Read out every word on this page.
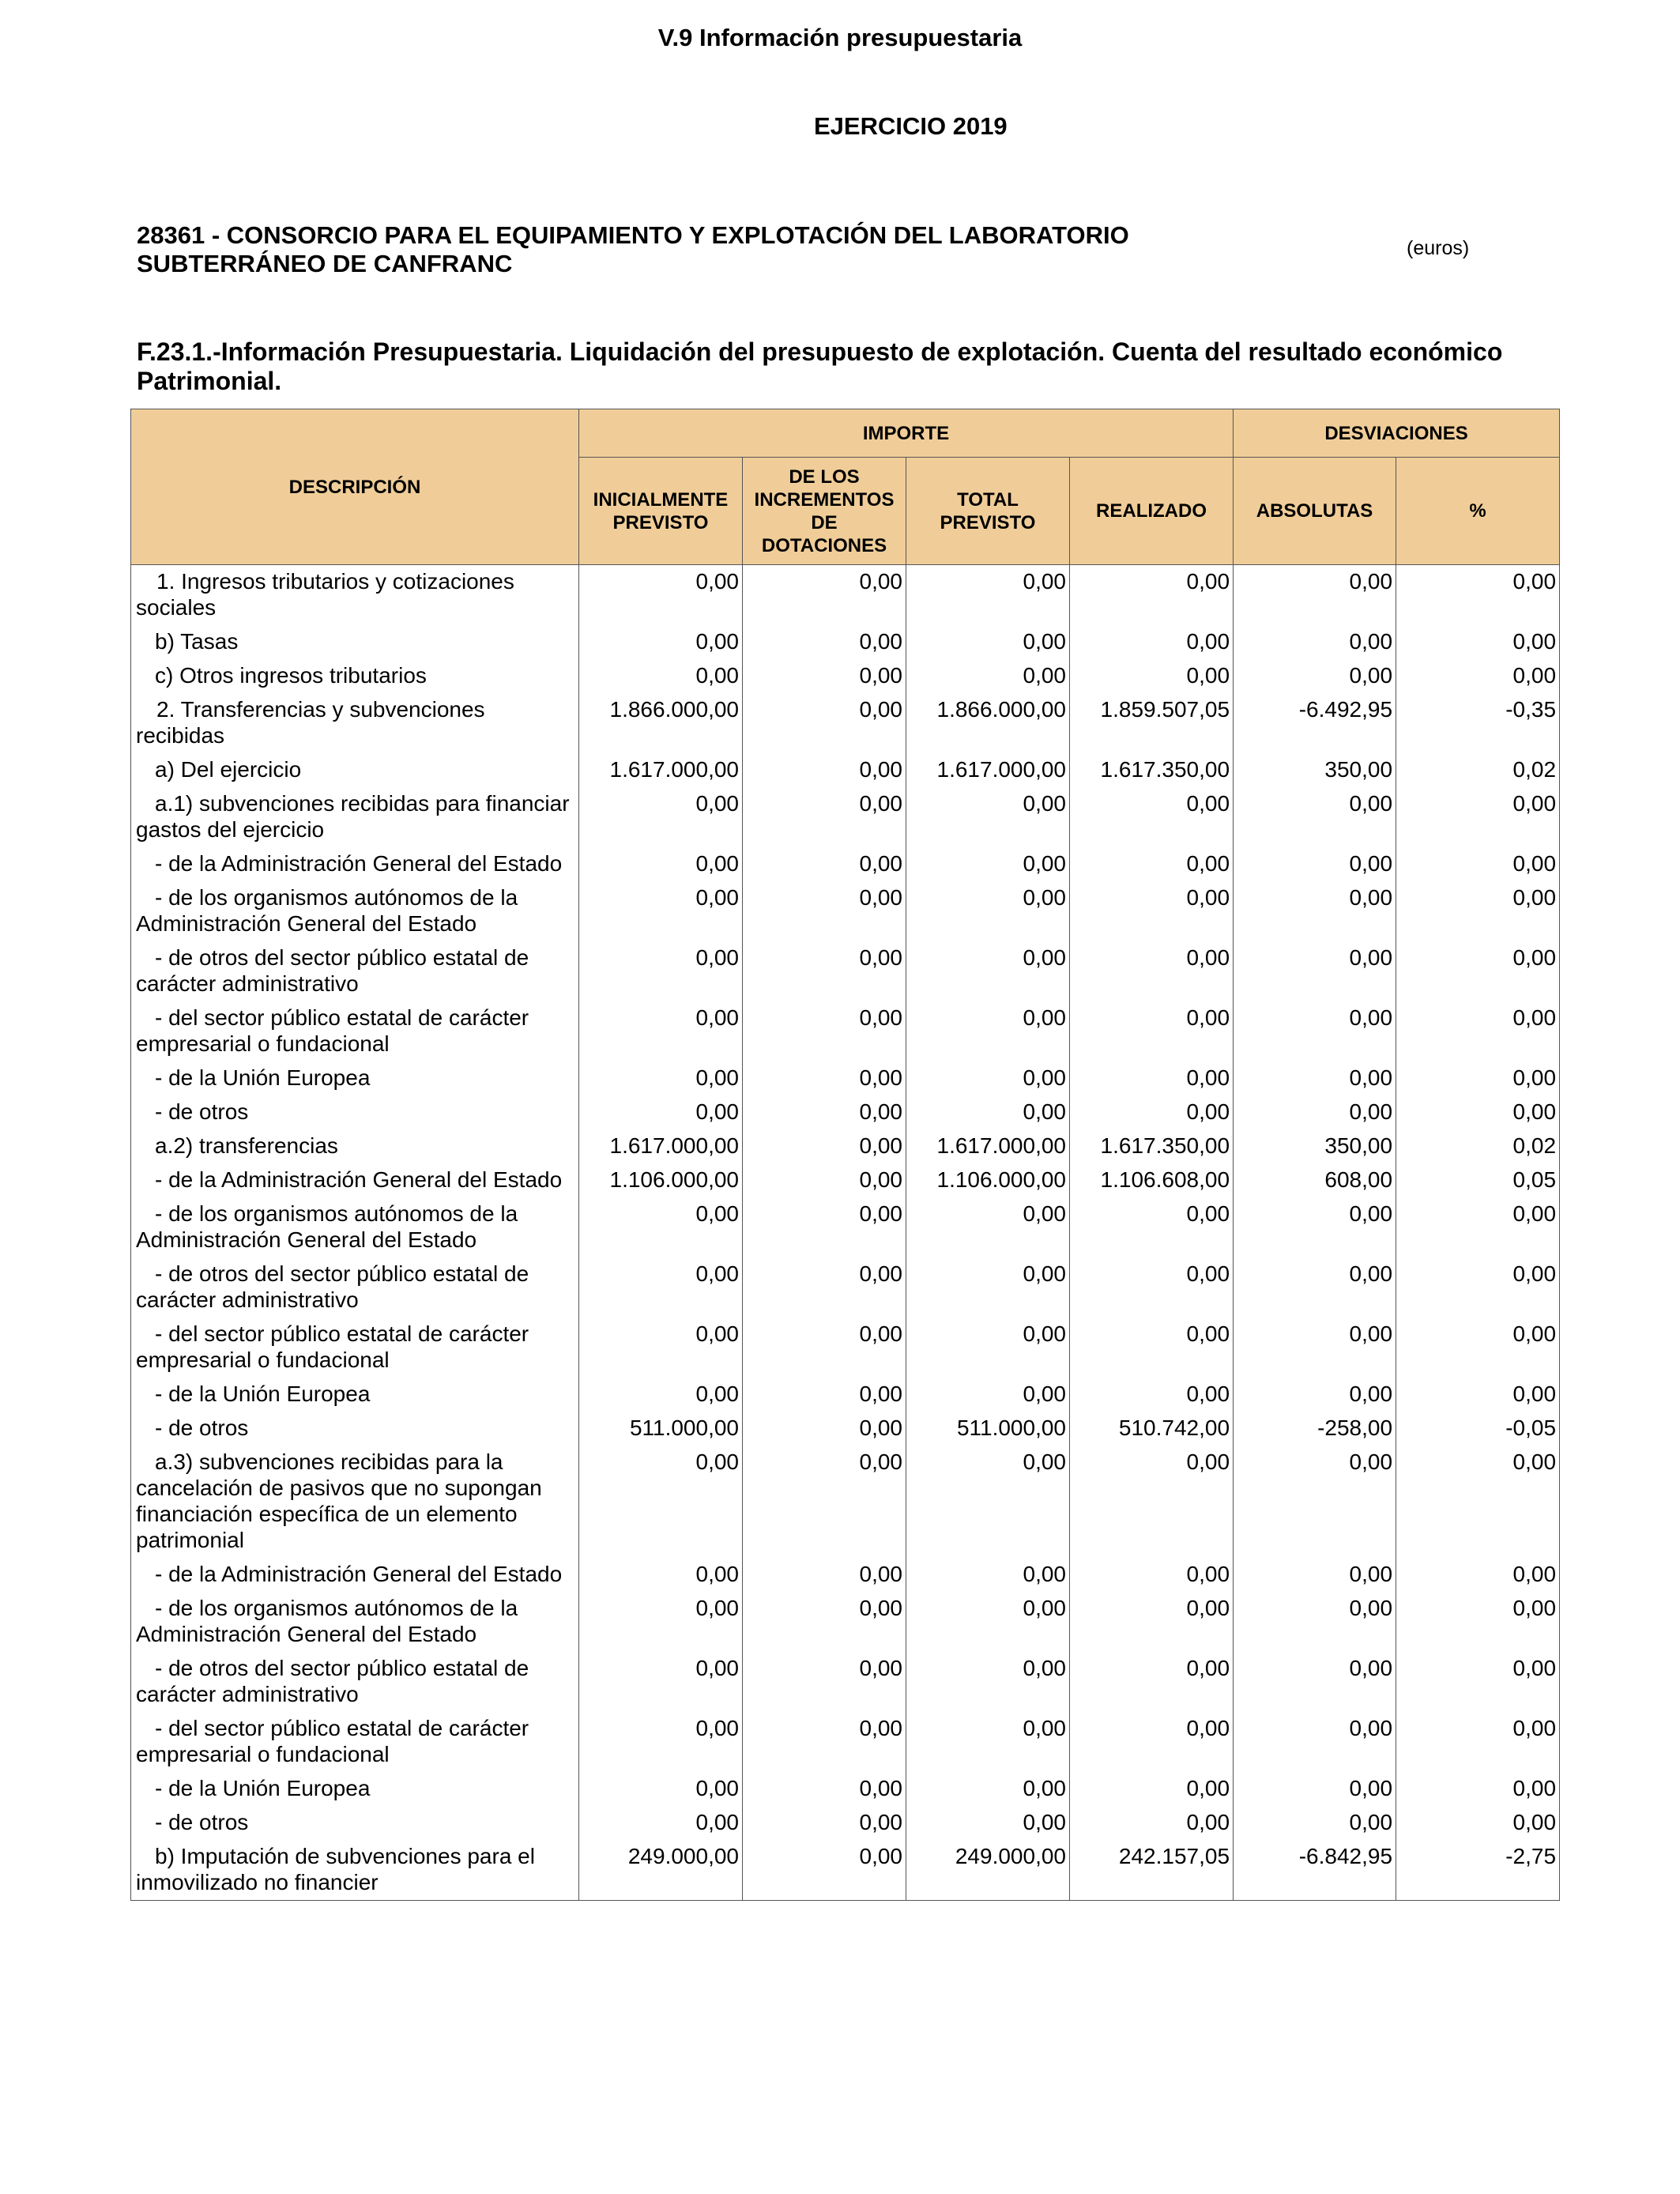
V.9 Información presupuestaria
EJERCICIO 2019
28361 - CONSORCIO PARA EL EQUIPAMIENTO Y EXPLOTACIÓN DEL LABORATORIO
SUBTERRÁNEO DE CANFRANC
(euros)
F.23.1.-Información Presupuestaria. Liquidación del presupuesto de explotación. Cuenta del resultado económico Patrimonial.
DESCRIPCIÓN	IMPORTE				DESVIACIONES	
	INICIALMENTE PREVISTO	DE LOS INCREMENTOS DE DOTACIONES	TOTAL PREVISTO	REALIZADO	ABSOLUTAS	%
1. Ingresos tributarios y cotizaciones sociales	0,00	0,00	0,00	0,00	0,00	0,00
b) Tasas	0,00	0,00	0,00	0,00	0,00	0,00
c) Otros ingresos tributarios	0,00	0,00	0,00	0,00	0,00	0,00
2. Transferencias y subvenciones recibidas	1.866.000,00	0,00	1.866.000,00	1.859.507,05	-6.492,95	-0,35
a) Del ejercicio	1.617.000,00	0,00	1.617.000,00	1.617.350,00	350,00	0,02
a.1) subvenciones recibidas para financiar gastos del ejercicio	0,00	0,00	0,00	0,00	0,00	0,00
- de la Administración General del Estado	0,00	0,00	0,00	0,00	0,00	0,00
- de los organismos autónomos de la Administración General del Estado	0,00	0,00	0,00	0,00	0,00	0,00
- de otros del sector público estatal de carácter administrativo	0,00	0,00	0,00	0,00	0,00	0,00
- del sector público estatal de carácter empresarial o fundacional	0,00	0,00	0,00	0,00	0,00	0,00
- de la Unión Europea	0,00	0,00	0,00	0,00	0,00	0,00
- de otros	0,00	0,00	0,00	0,00	0,00	0,00
a.2) transferencias	1.617.000,00	0,00	1.617.000,00	1.617.350,00	350,00	0,02
- de la Administración General del Estado	1.106.000,00	0,00	1.106.000,00	1.106.608,00	608,00	0,05
- de los organismos autónomos de la Administración General del Estado	0,00	0,00	0,00	0,00	0,00	0,00
- de otros del sector público estatal de carácter administrativo	0,00	0,00	0,00	0,00	0,00	0,00
- del sector público estatal de carácter empresarial o fundacional	0,00	0,00	0,00	0,00	0,00	0,00
- de la Unión Europea	0,00	0,00	0,00	0,00	0,00	0,00
- de otros	511.000,00	0,00	511.000,00	510.742,00	-258,00	-0,05
a.3) subvenciones recibidas para la cancelación de pasivos que no supongan financiación específica de un elemento patrimonial	0,00	0,00	0,00	0,00	0,00	0,00
- de la Administración General del Estado	0,00	0,00	0,00	0,00	0,00	0,00
- de los organismos autónomos de la Administración General del Estado	0,00	0,00	0,00	0,00	0,00	0,00
- de otros del sector público estatal de carácter administrativo	0,00	0,00	0,00	0,00	0,00	0,00
- del sector público estatal de carácter empresarial o fundacional	0,00	0,00	0,00	0,00	0,00	0,00
- de la Unión Europea	0,00	0,00	0,00	0,00	0,00	0,00
- de otros	0,00	0,00	0,00	0,00	0,00	0,00
b) Imputación de subvenciones para el inmovilizado no financier	249.000,00	0,00	249.000,00	242.157,05	-6.842,95	-2,75
